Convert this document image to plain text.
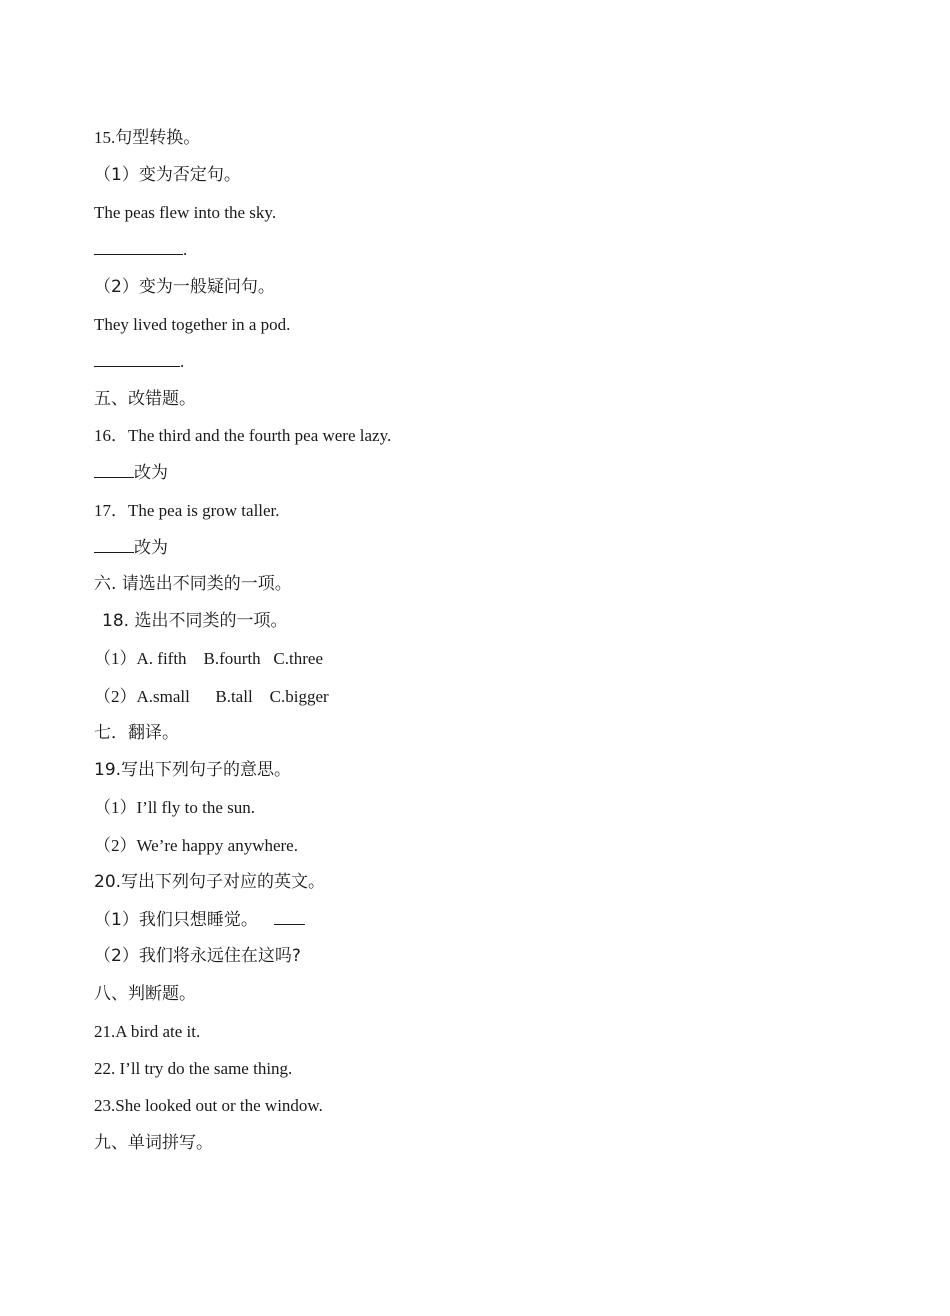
15.句型转换。
（1）变为否定句。
The peas flew into the sky.
.
（2）变为一般疑问句。
They lived together in a pod.
.
五、改错题。
16．The third and the fourth pea were lazy.
改为
17．The pea is grow taller.
改为
六. 请选出不同类的一项。
18. 选出不同类的一项。
（1）A. fifth    B.fourth   C.three
（2）A.small      B.tall    C.bigger
七．翻译。
19.写出下列句子的意思。
（1）I’ll fly to the sun.
（2）We’re happy anywhere.
20.写出下列句子对应的英文。
（1）我们只想睡觉。
（2）我们将永远住在这吗?
八、判断题。
21.A bird ate it.
22. I’ll try do the same thing.
23.She looked out or the window.
九、单词拼写。
